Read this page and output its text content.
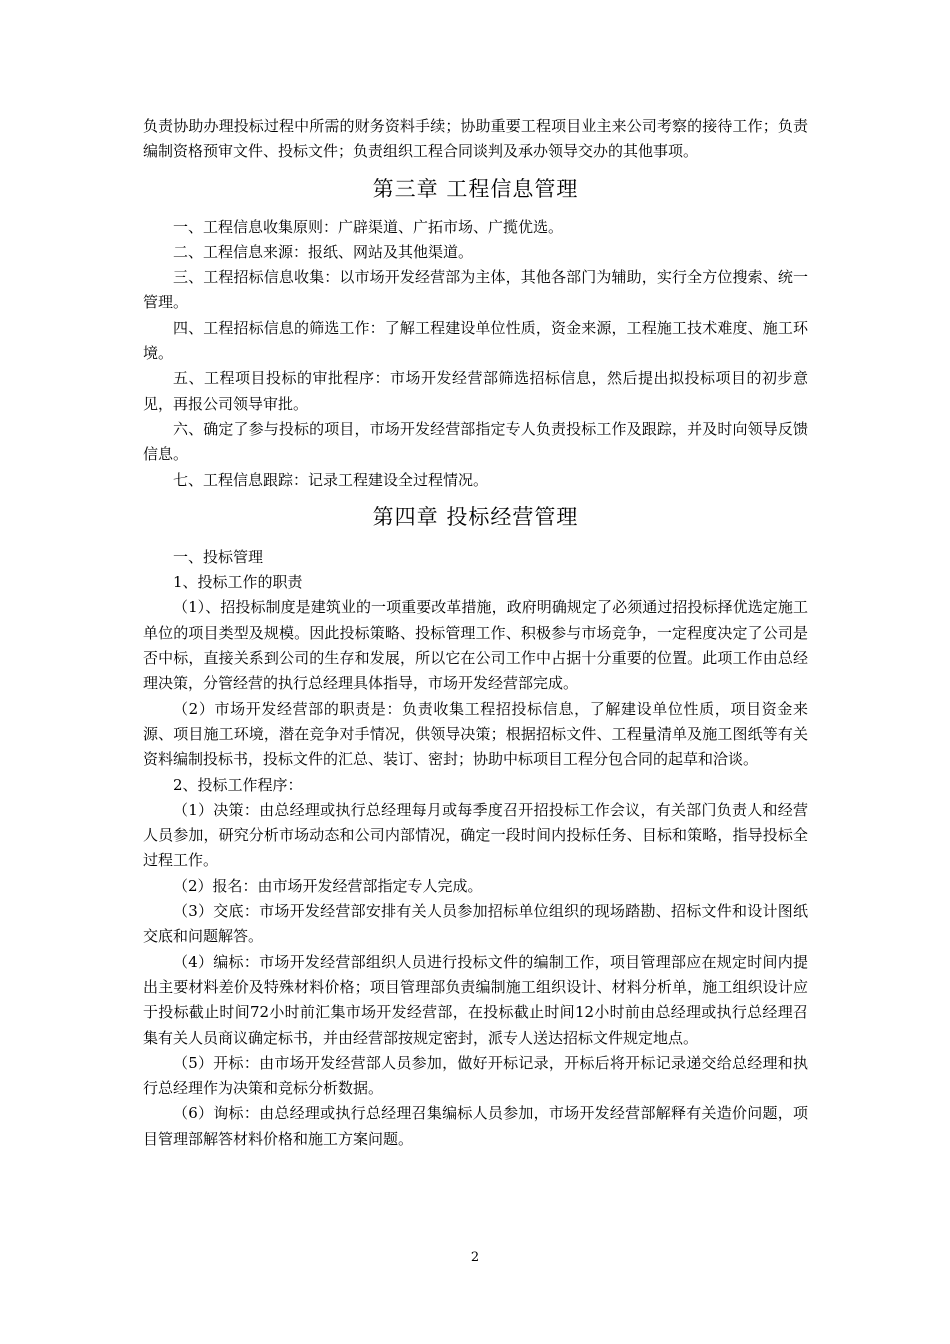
负责协助办理投标过程中所需的财务资料手续；协助重要工程项目业主来公司考察的接待工作；负责编制资格预审文件、投标文件；负责组织工程合同谈判及承办领导交办的其他事项。

第三章 工程信息管理

一、工程信息收集原则：广辟渠道、广拓市场、广揽优选。

二、工程信息来源：报纸、网站及其他渠道。

三、工程招标信息收集：以市场开发经营部为主体，其他各部门为辅助，实行全方位搜索、统一管理。

四、工程招标信息的筛选工作：了解工程建设单位性质，资金来源，工程施工技术难度、施工环境。

五、工程项目投标的审批程序：市场开发经营部筛选招标信息，然后提出拟投标项目的初步意见，再报公司领导审批。

六、确定了参与投标的项目，市场开发经营部指定专人负责投标工作及跟踪，并及时向领导反馈信息。

七、工程信息跟踪：记录工程建设全过程情况。

第四章 投标经营管理

一、投标管理

1、投标工作的职责

（1）、招投标制度是建筑业的一项重要改革措施，政府明确规定了必须通过招投标择优选定施工单位的项目类型及规模。因此投标策略、投标管理工作、积极参与市场竞争，一定程度决定了公司是否中标，直接关系到公司的生存和发展，所以它在公司工作中占据十分重要的位置。此项工作由总经理决策，分管经营的执行总经理具体指导，市场开发经营部完成。

（2）市场开发经营部的职责是：负责收集工程招投标信息，了解建设单位性质，项目资金来源、项目施工环境，潜在竞争对手情况，供领导决策；根据招标文件、工程量清单及施工图纸等有关资料编制投标书，投标文件的汇总、装订、密封；协助中标项目工程分包合同的起草和洽谈。

2、投标工作程序：

（1）决策：由总经理或执行总经理每月或每季度召开招投标工作会议，有关部门负责人和经营人员参加，研究分析市场动态和公司内部情况，确定一段时间内投标任务、目标和策略，指导投标全过程工作。

（2）报名：由市场开发经营部指定专人完成。

（3）交底：市场开发经营部安排有关人员参加招标单位组织的现场踏勘、招标文件和设计图纸交底和问题解答。

（4）编标：市场开发经营部组织人员进行投标文件的编制工作，项目管理部应在规定时间内提出主要材料差价及特殊材料价格；项目管理部负责编制施工组织设计、材料分析单，施工组织设计应于投标截止时间72小时前汇集市场开发经营部，在投标截止时间12小时前由总经理或执行总经理召集有关人员商议确定标书，并由经营部按规定密封，派专人送达招标文件规定地点。

（5）开标：由市场开发经营部人员参加，做好开标记录，开标后将开标记录递交给总经理和执行总经理作为决策和竞标分析数据。

（6）询标：由总经理或执行总经理召集编标人员参加，市场开发经营部解释有关造价问题，项目管理部解答材料价格和施工方案问题。

2
